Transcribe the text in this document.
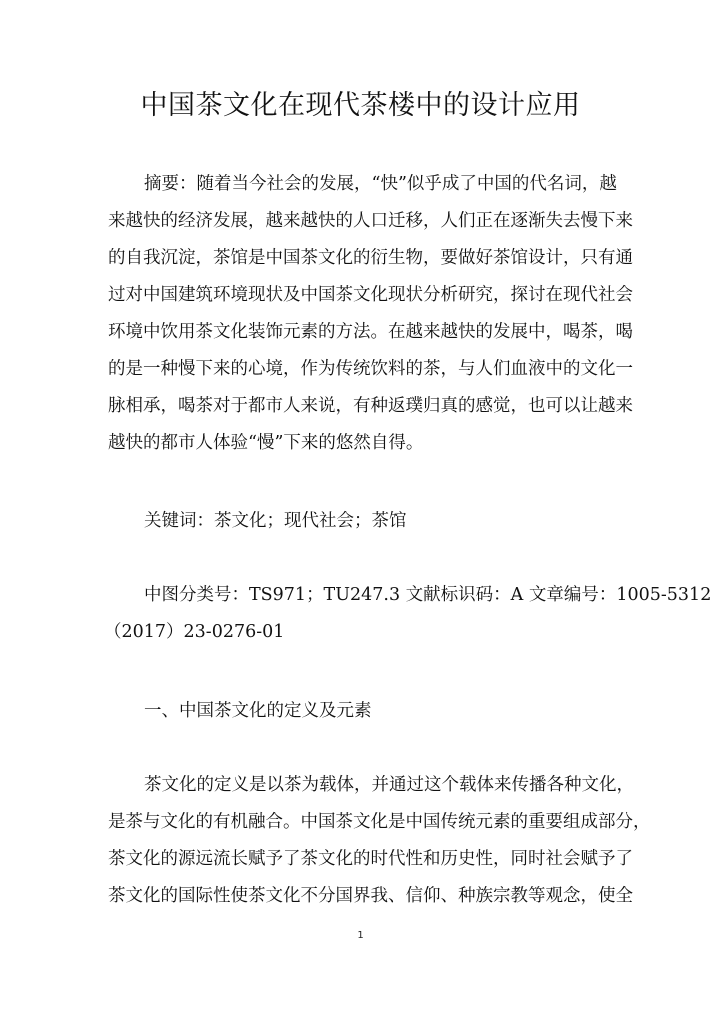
中国茶文化在现代茶楼中的设计应用
摘要：随着当今社会的发展，“快”似乎成了中国的代名词，越
来越快的经济发展，越来越快的人口迁移，人们正在逐渐失去慢下来
的自我沉淀，茶馆是中国茶文化的衍生物，要做好茶馆设计，只有通
过对中国建筑环境现状及中国茶文化现状分析研究，探讨在现代社会
环境中饮用茶文化装饰元素的方法。在越来越快的发展中，喝茶，喝
的是一种慢下来的心境，作为传统饮料的茶，与人们血液中的文化一
脉相承，喝茶对于都市人来说，有种返璞归真的感觉，也可以让越来
越快的都市人体验“慢”下来的悠然自得。
关键词：茶文化；现代社会；茶馆
中图分类号：TS971；TU247.3 文献标识码：A 文章编号：1005-5312
（2017）23-0276-01
一、中国茶文化的定义及元素
茶文化的定义是以茶为载体，并通过这个载体来传播各种文化，
是茶与文化的有机融合。中国茶文化是中国传统元素的重要组成部分，
茶文化的源远流长赋予了茶文化的时代性和历史性，同时社会赋予了
茶文化的国际性使茶文化不分国界我、信仰、种族宗教等观念，使全
1
